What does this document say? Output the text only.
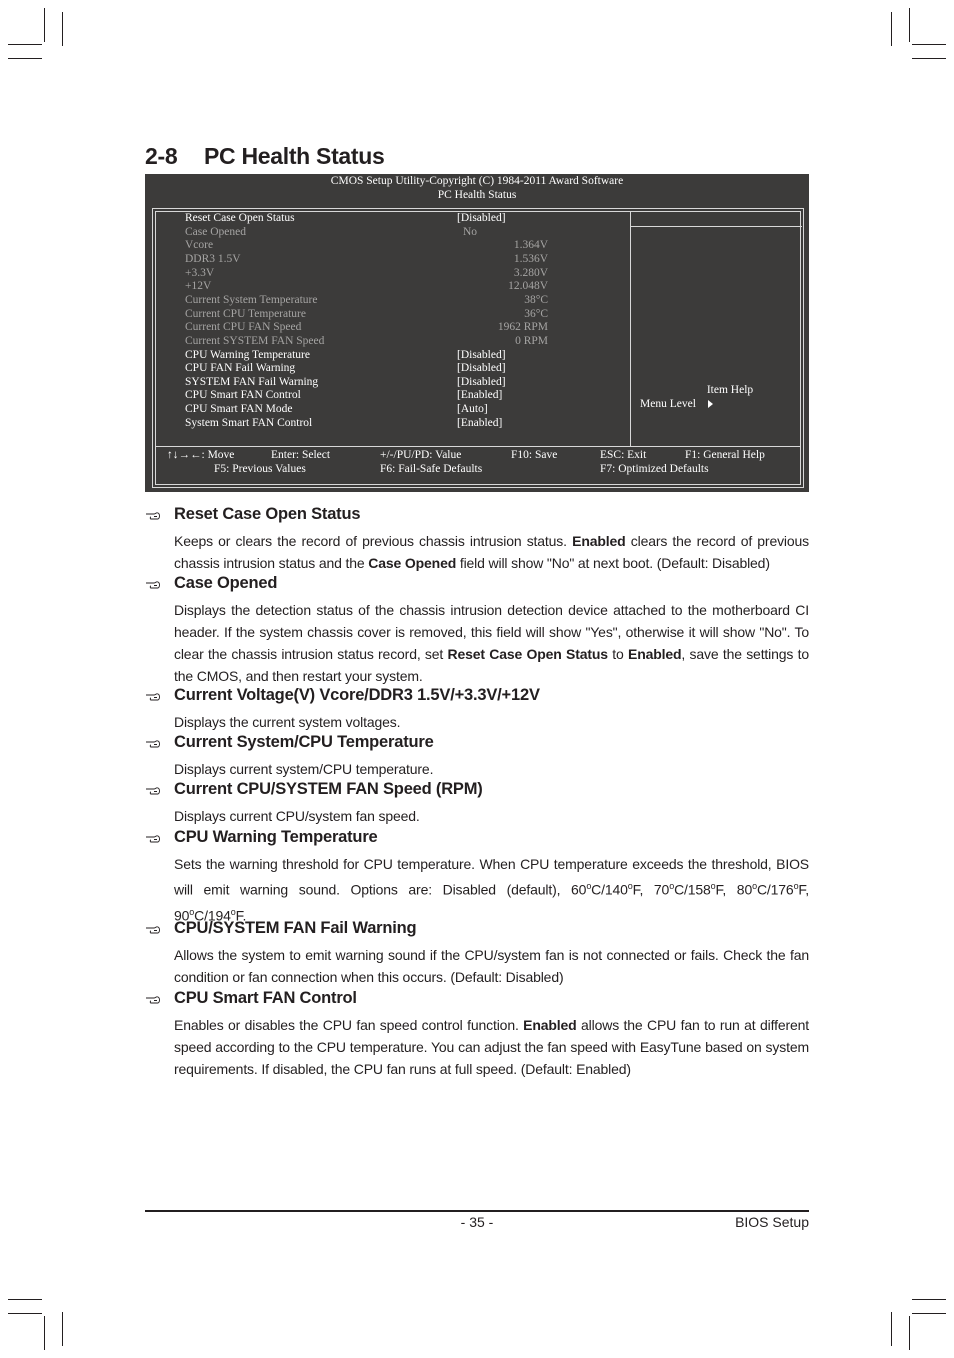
2-8 PC Health Status
CMOS Setup Utility-Copyright (C) 1984-2011 Award Software
PC Health Status
Reset Case Open Status	[Disabled]
Case Opened	No
Vcore	1.364V
DDR3 1.5V	1.536V
+3.3V	3.280V
+12V	12.048V
Current System Temperature	38°C
Current CPU Temperature	36°C
Current CPU FAN Speed	1962 RPM
Current SYSTEM FAN Speed	0 RPM
CPU Warning Temperature	[Disabled]
CPU FAN Fail Warning	[Disabled]
SYSTEM FAN Fail Warning	[Disabled]
CPU Smart FAN Control	[Enabled]
CPU Smart FAN Mode	[Auto]
System Smart FAN Control	[Enabled]
Item Help
Menu Level
↑↓→←: Move	Enter: Select	+/-/PU/PD: Value	F10: Save	ESC: Exit	F1: General Help
F5: Previous Values	F6: Fail-Safe Defaults	F7: Optimized Defaults
Reset Case Open Status
Keeps or clears the record of previous chassis intrusion status. Enabled clears the record of previous chassis intrusion status and the Case Opened field will show "No" at next boot. (Default: Disabled)
Case Opened
Displays the detection status of the chassis intrusion detection device attached to the motherboard CI header. If the system chassis cover is removed, this field will show "Yes", otherwise it will show "No". To clear the chassis intrusion status record, set Reset Case Open Status to Enabled, save the settings to the CMOS, and then restart your system.
Current Voltage(V) Vcore/DDR3 1.5V/+3.3V/+12V
Displays the current system voltages.
Current System/CPU Temperature
Displays current system/CPU temperature.
Current CPU/SYSTEM FAN Speed (RPM)
Displays current CPU/system fan speed.
CPU Warning Temperature
Sets the warning threshold for CPU temperature. When CPU temperature exceeds the threshold, BIOS will emit warning sound. Options are: Disabled (default), 60$^o$C/140$^o$F, 70$^o$C/158$^o$F, 80$^o$C/176$^o$F, 90$^o$C/194$^o$F.
CPU/SYSTEM FAN Fail Warning
Allows the system to emit warning sound if the CPU/system fan is not connected or fails. Check the fan condition or fan connection when this occurs. (Default: Disabled)
CPU Smart FAN Control
Enables or disables the CPU fan speed control function. Enabled allows the CPU fan to run at different speed according to the CPU temperature. You can adjust the fan speed with EasyTune based on system requirements. If disabled, the CPU fan runs at full speed. (Default: Enabled)
- 35 -	BIOS Setup
